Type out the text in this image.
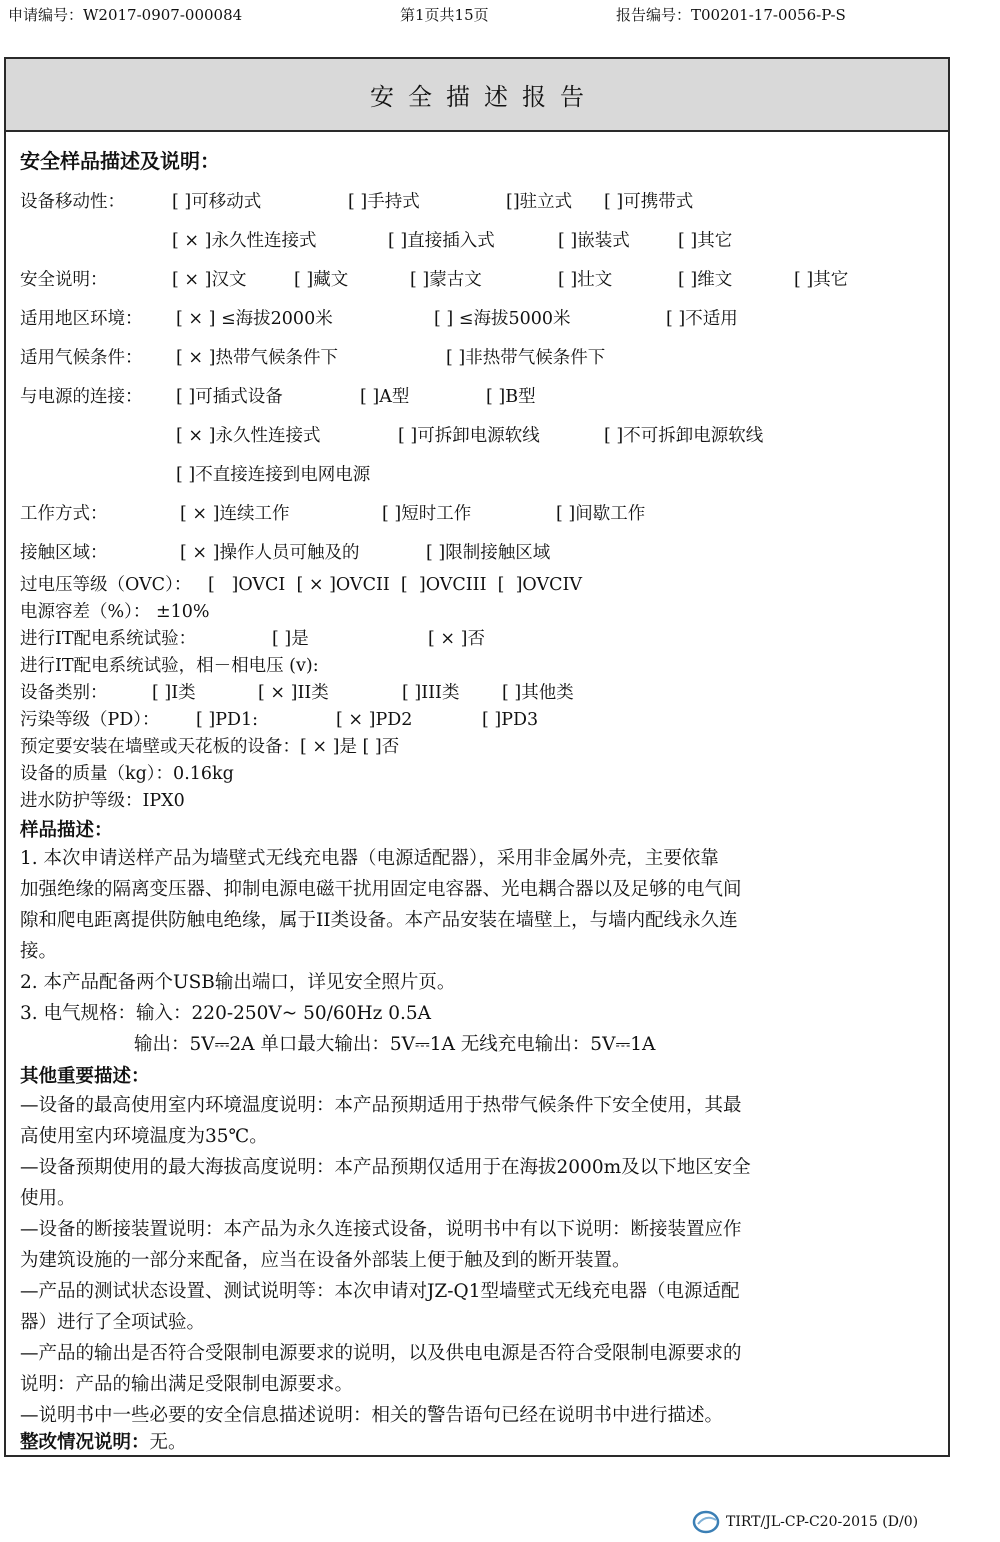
申请编号：W2017-0907-000084	第1页共15页	报告编号：T00201-17-0056-P-S
安全描述报告
安全样品描述及说明：
设备移动性：	[ ]可移动式	[ ]手持式	[]驻立式 [ ]可携带式
[ × ]永久性连接式	[ ]直接插入式	[ ]嵌装式	[ ]其它
安全说明：	[ × ]汉文	[ ]藏文	[ ]蒙古文	[ ]壮文	[ ]维文	[ ]其它
适用地区环境： [ × ] ≤海拔2000米	[ ] ≤海拔5000米	[ ]不适用
适用气候条件： [ × ]热带气候条件下	[ ]非热带气候条件下
与电源的连接： [ ]可插式设备	[ ]A型	[ ]B型
[ × ]永久性连接式	[ ]可拆卸电源软线	[ ]不可拆卸电源软线
[ ]不直接连接到电网电源
工作方式：	[ × ]连续工作	[ ]短时工作	[ ]间歇工作
接触区域：	[ × ]操作人员可触及的	[ ]限制接触区域
过电压等级（OVC）：   [   ]OVCI  [ × ]OVCII  [  ]OVCIII  [  ]OVCIV
电源容差（%）： ±10%
进行IT配电系统试验：	[ ]是	[ × ]否
进行IT配电系统试验，相－相电压 (v):
设备类别：	[ ]I类	[ × ]II类	[ ]III类 [ ]其他类
污染等级（PD）： [ ]PD1:	[ × ]PD2	[ ]PD3
预定要安装在墙壁或天花板的设备：[ × ]是 [ ]否
设备的质量（kg）：0.16kg
进水防护等级：IPX0
样品描述：
1. 本次申请送样产品为墙壁式无线充电器（电源适配器），采用非金属外壳，主要依靠
加强绝缘的隔离变压器、抑制电源电磁干扰用固定电容器、光电耦合器以及足够的电气间
隙和爬电距离提供防触电绝缘，属于II类设备。本产品安装在墙壁上，与墙内配线永久连
接。
2. 本产品配备两个USB输出端口，详见安全照片页。
3. 电气规格：输入：220-250V~ 50/60Hz 0.5A
输出：5V⎓2A 单口最大输出：5V⎓1A 无线充电输出：5V⎓1A
其他重要描述：
—设备的最高使用室内环境温度说明：本产品预期适用于热带气候条件下安全使用，其最
高使用室内环境温度为35℃。
—设备预期使用的最大海拔高度说明：本产品预期仅适用于在海拔2000m及以下地区安全
使用。
—设备的断接装置说明：本产品为永久连接式设备，说明书中有以下说明：断接装置应作
为建筑设施的一部分来配备，应当在设备外部装上便于触及到的断开装置。
—产品的测试状态设置、测试说明等：本次申请对JZ-Q1型墙壁式无线充电器（电源适配
器）进行了全项试验。
—产品的输出是否符合受限制电源要求的说明，以及供电电源是否符合受限制电源要求的
说明：产品的输出满足受限制电源要求。
—说明书中一些必要的安全信息描述说明：相关的警告语句已经在说明书中进行描述。
整改情况说明：无。
TIRT/JL-CP-C20-2015 (D/0)
